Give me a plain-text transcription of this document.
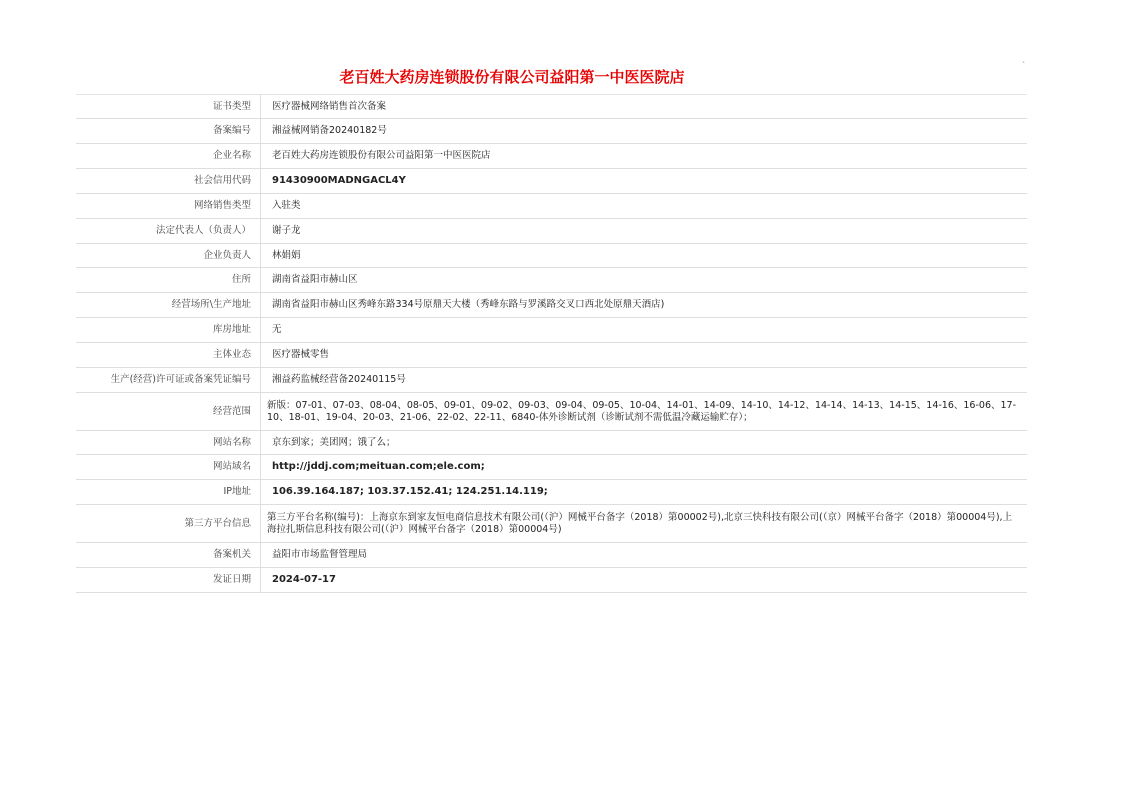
老百姓大药房连锁股份有限公司益阳第一中医医院店
ˋ
证书类型	医疗器械网络销售首次备案
备案编号	湘益械网销备20240182号
企业名称	老百姓大药房连锁股份有限公司益阳第一中医医院店
社会信用代码	91430900MADNGACL4Y
网络销售类型	入驻类
法定代表人（负责人）	谢子龙
企业负责人	林娟娟
住所	湖南省益阳市赫山区
经营场所\生产地址	湖南省益阳市赫山区秀峰东路334号原鼎天大楼（秀峰东路与罗溪路交叉口西北处原鼎天酒店)
库房地址	无
主体业态	医疗器械零售
生产(经营)许可证或备案凭证编号	湘益药监械经营备20240115号
经营范围	新版：07-01、07-03、08-04、08-05、09-01、09-02、09-03、09-04、09-05、10-04、14-01、14-09、14-10、14-12、14-14、14-13、14-15、14-16、16-06、17-10、18-01、19-04、20-03、21-06、22-02、22-11、6840-体外诊断试剂（诊断试剂不需低温冷藏运输贮存）；
网站名称	京东到家；美团网；饿了么；
网站域名	http://jddj.com;meituan.com;ele.com;
IP地址	106.39.164.187; 103.37.152.41; 124.251.14.119;
第三方平台信息	第三方平台名称(编号)：上海京东到家友恒电商信息技术有限公司(（沪）网械平台备字（2018）第00002号),北京三快科技有限公司(（京）网械平台备字（2018）第00004号),上海拉扎斯信息科技有限公司(（沪）网械平台备字（2018）第00004号)
备案机关	益阳市市场监督管理局
发证日期	2024-07-17
